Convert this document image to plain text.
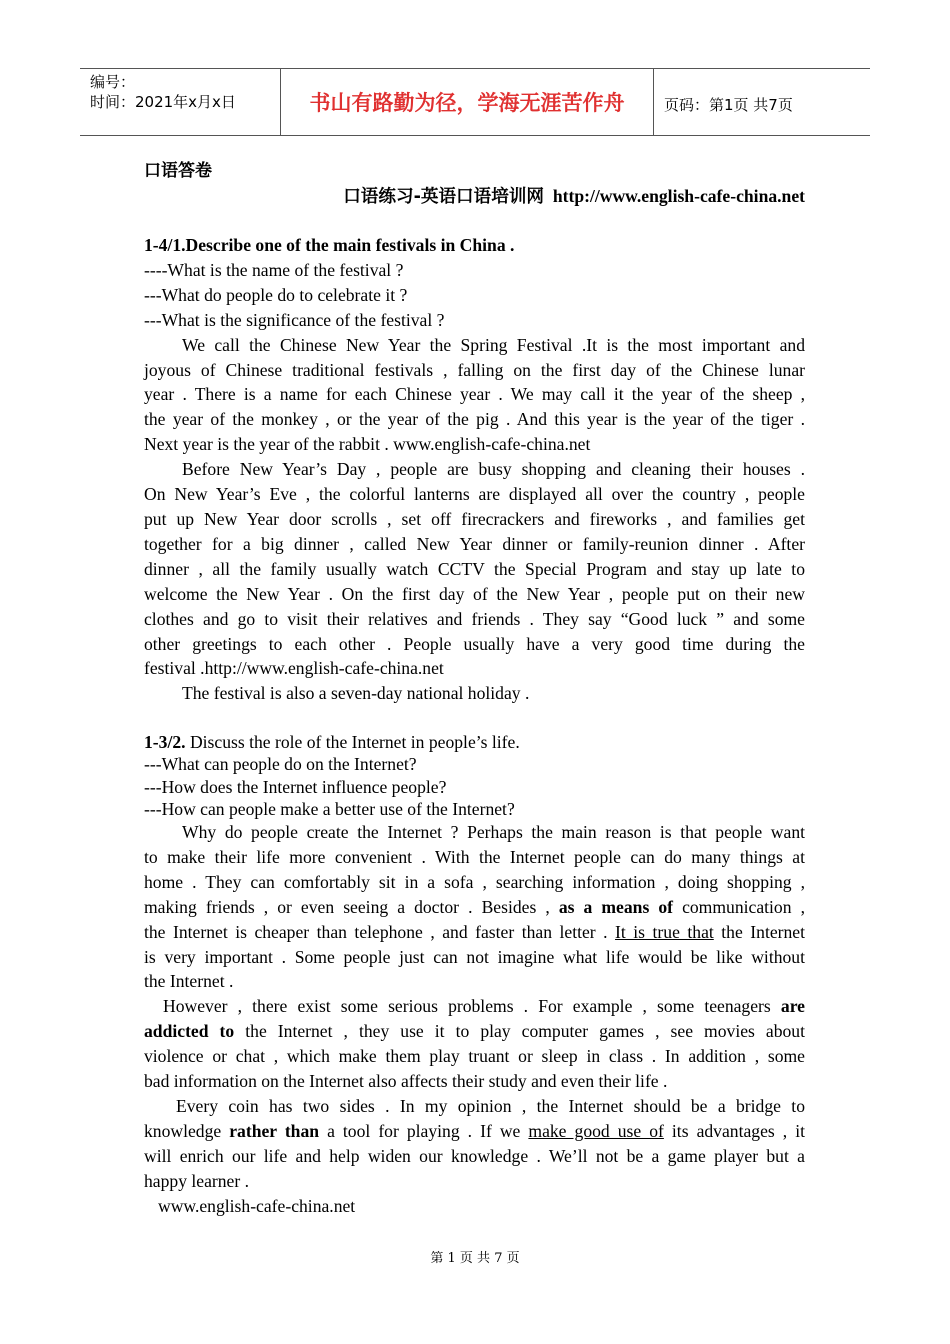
编号：
时间：2021年x月x日	书山有路勤为径，学海无涯苦作舟	页码：第1页 共7页
口语答卷
口语练习-英语口语培训网 http://www.english-cafe-china.net
1-4/1.Describe one of the main festivals in China .
----What is the name of the festival ?
---What do people do to celebrate it ?
---What is the significance of the festival ?
We call the Chinese New Year the Spring Festival .It is the most important and
joyous of Chinese traditional festivals , falling on the first day of the Chinese lunar
year . There is a name for each Chinese year . We may call it the year of the sheep ,
the year of the monkey , or the year of the pig . And this year is the year of the tiger .
Next year is the year of the rabbit . www.english-cafe-china.net
Before New Year’s Day , people are busy shopping and cleaning their houses .
On New Year’s Eve , the colorful lanterns are displayed all over the country , people
put up New Year door scrolls , set off firecrackers and fireworks , and families get
together for a big dinner , called New Year dinner or family-reunion dinner . After
dinner , all the family usually watch CCTV the Special Program and stay up late to
welcome the New Year . On the first day of the New Year , people put on their new
clothes and go to visit their relatives and friends . They say “Good luck ” and some
other greetings to each other . People usually have a very good time during the
festival .http://www.english-cafe-china.net
The festival is also a seven-day national holiday .
1-3/2. Discuss the role of the Internet in people’s life.
---What can people do on the Internet?
---How does the Internet influence people?
---How can people make a better use of the Internet?
Why do people create the Internet ? Perhaps the main reason is that people want
to make their life more convenient . With the Internet people can do many things at
home . They can comfortably sit in a sofa , searching information , doing shopping ,
making friends , or even seeing a doctor . Besides , as a means of communication ,
the Internet is cheaper than telephone , and faster than letter . It is true that the Internet
is very important . Some people just can not imagine what life would be like without
the Internet .
However , there exist some serious problems . For example , some teenagers are
addicted to the Internet , they use it to play computer games , see movies about
violence or chat , which make them play truant or sleep in class . In addition , some
bad information on the Internet also affects their study and even their life .
Every coin has two sides . In my opinion , the Internet should be a bridge to
knowledge rather than a tool for playing . If we make good use of its advantages , it
will enrich our life and help widen our knowledge . We’ll not be a game player but a
happy learner .
www.english-cafe-china.net
第 1 页 共 7 页
